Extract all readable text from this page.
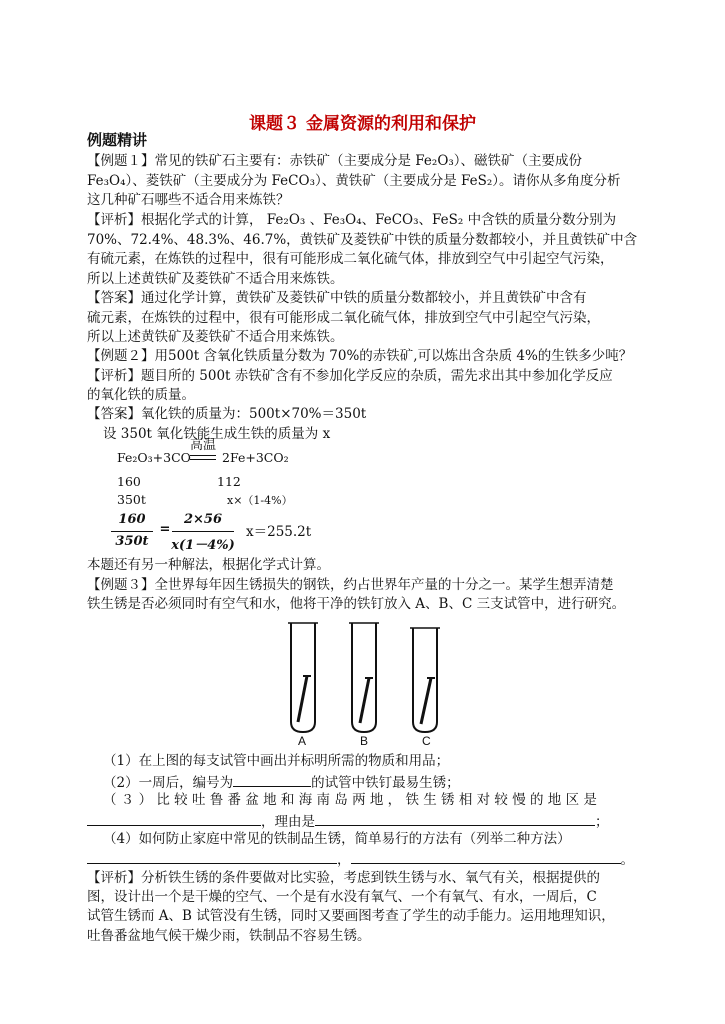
课题３ 金属资源的利用和保护
例题精讲
【例题１】常见的铁矿石主要有：赤铁矿（主要成分是 Fe₂O₃）、磁铁矿（主要成份
Fe₃O₄）、菱铁矿（主要成分为 FeCO₃）、黄铁矿（主要成分是 FeS₂）。请你从多角度分析
这几种矿石哪些不适合用来炼铁？
【评析】根据化学式的计算， Fe₂O₃ 、Fe₃O₄、FeCO₃、FeS₂ 中含铁的质量分数分别为
70%、72.4%、48.3%、46.7%，黄铁矿及菱铁矿中铁的质量分数都较小，并且黄铁矿中含
有硫元素，在炼铁的过程中，很有可能形成二氧化硫气体，排放到空气中引起空气污染，
所以上述黄铁矿及菱铁矿不适合用来炼铁。
【答案】通过化学计算，黄铁矿及菱铁矿中铁的质量分数都较小，并且黄铁矿中含有
硫元素，在炼铁的过程中，很有可能形成二氧化硫气体，排放到空气中引起空气污染，
所以上述黄铁矿及菱铁矿不适合用来炼铁。
【例题２】用500t 含氧化铁质量分数为 70%的赤铁矿,可以炼出含杂质 4%的生铁多少吨？
【评析】题目所的 500t 赤铁矿含有不参加化学反应的杂质，需先求出其中参加化学反应
的氧化铁的质量。
【答案】氧化铁的质量为：500t×70%＝350t
设 350t 氧化铁能生成生铁的质量为 x
高温
Fe₂O₃+3CO 2Fe+3CO₂
160	112
350t	x×（1-4%）
160
350t
=
2×56
x(1－4%)
x＝255.2t
本题还有另一种解法，根据化学式计算。
【例题３】全世界每年因生锈损失的钢铁，约占世界年产量的十分之一。某学生想弄清楚
铁生锈是否必须同时有空气和水，他将干净的铁钉放入 A、B、C 三支试管中，进行研究。
A	B	C
（1）在上图的每支试管中画出并标明所需的物质和用品；
（2）一周后，编号为	的试管中铁钉最易生锈；
（ ３ ） 比 较 吐 鲁 番 盆 地 和 海 南 岛 两 地 ， 铁 生 锈 相 对 较 慢 的 地 区 是
，理由是	；
（4）如何防止家庭中常见的铁制品生锈，简单易行的方法有（列举二种方法）
，	。
【评析】分析铁生锈的条件要做对比实验，考虑到铁生锈与水、氧气有关，根据提供的
图，设计出一个是干燥的空气、一个是有水没有氧气、一个有氧气、有水，一周后，C
试管生锈而 A、B 试管没有生锈，同时又要画图考查了学生的动手能力。运用地理知识，
吐鲁番盆地气候干燥少雨，铁制品不容易生锈。
